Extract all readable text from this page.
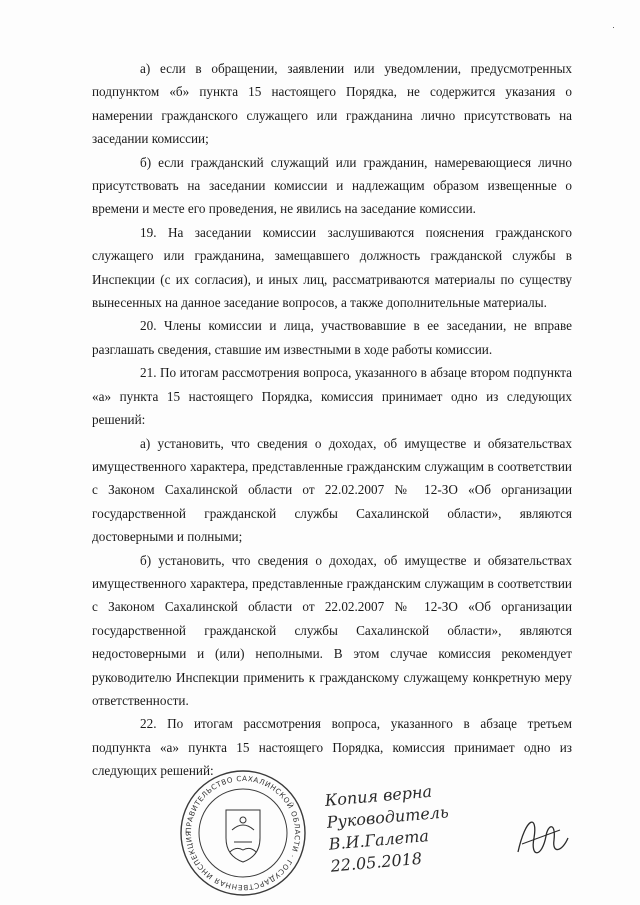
·

а) если в обращении, заявлении или уведомлении, предусмотренных подпунктом «б» пункта 15 настоящего Порядка, не содержится указания о намерении гражданского служащего или гражданина лично присутствовать на заседании комиссии;

б) если гражданский служащий или гражданин, намеревающиеся лично присутствовать на заседании комиссии и надлежащим образом извещенные о времени и месте его проведения, не явились на заседание комиссии.

19. На заседании комиссии заслушиваются пояснения гражданского служащего или гражданина, замещавшего должность гражданской службы в Инспекции (с их согласия), и иных лиц, рассматриваются материалы по существу вынесенных на данное заседание вопросов, а также дополнительные материалы.

20. Члены комиссии и лица, участвовавшие в ее заседании, не вправе разглашать сведения, ставшие им известными в ходе работы комиссии.

21. По итогам рассмотрения вопроса, указанного в абзаце втором подпункта «а» пункта 15 настоящего Порядка, комиссия принимает одно из следующих решений:

а) установить, что сведения о доходах, об имуществе и обязательствах имущественного характера, представленные гражданским служащим в соответствии с Законом Сахалинской области от 22.02.2007 № 12-ЗО «Об организации государственной гражданской службы Сахалинской области», являются достоверными и полными;

б) установить, что сведения о доходах, об имуществе и обязательствах имущественного характера, представленные гражданским служащим в соответствии с Законом Сахалинской области от 22.02.2007 № 12-ЗО «Об организации государственной гражданской службы Сахалинской области», являются недостоверными и (или) неполными. В этом случае комиссия рекомендует руководителю Инспекции применить к гражданскому служащему конкретную меру ответственности.

22. По итогам рассмотрения вопроса, указанного в абзаце третьем подпункта «а» пункта 15 настоящего Порядка, комиссия принимает одно из следующих решений:

ПРАВИТЕЛЬСТВО САХАЛИНСКОЙ ОБЛАСТИ · ГОСУДАРСТВЕННАЯ ИНСПЕКЦИЯ
Копия верна
Руководитель
В.И.Галета
22.05.2018
